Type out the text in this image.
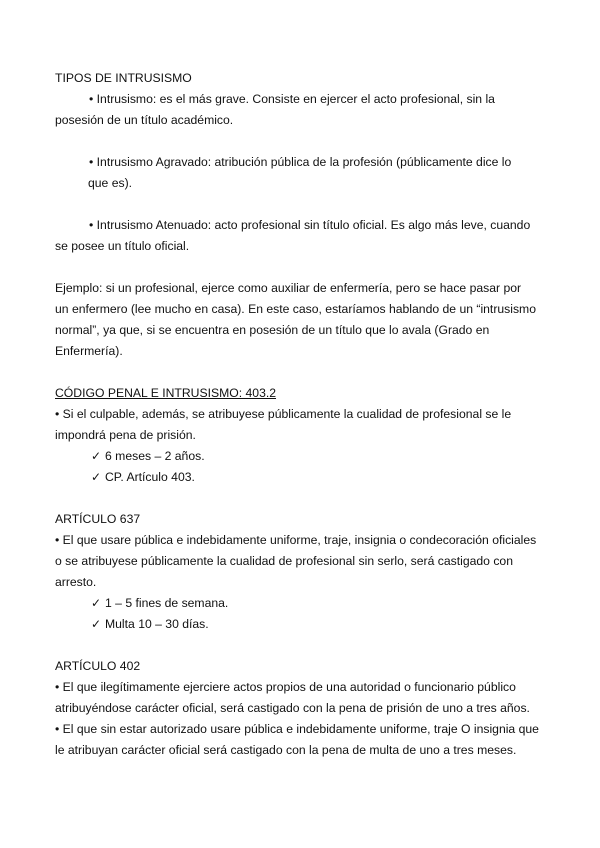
TIPOS DE INTRUSISMO

• Intrusismo: es el más grave. Consiste en ejercer el acto profesional, sin la

posesión de un título académico.

• Intrusismo Agravado: atribución pública de la profesión (públicamente dice lo

que es).

• Intrusismo Atenuado: acto profesional sin título oficial. Es algo más leve, cuando

se posee un título oficial.

Ejemplo: si un profesional, ejerce como auxiliar de enfermería, pero se hace pasar por

un enfermero (lee mucho en casa). En este caso, estaríamos hablando de un “intrusismo

normal”, ya que, si se encuentra en posesión de un título que lo avala (Grado en

Enfermería).

CÓDIGO PENAL E INTRUSISMO: 403.2

• Si el culpable, además, se atribuyese públicamente la cualidad de profesional se le

impondrá pena de prisión.

✓ 6 meses – 2 años.

✓ CP. Artículo 403.

ARTÍCULO 637

• El que usare pública e indebidamente uniforme, traje, insignia o condecoración oficiales

o se atribuyese públicamente la cualidad de profesional sin serlo, será castigado con

arresto.

✓ 1 – 5 fines de semana.

✓ Multa 10 – 30 días.

ARTÍCULO 402

• El que ilegítimamente ejerciere actos propios de una autoridad o funcionario público

atribuyéndose carácter oficial, será castigado con la pena de prisión de uno a tres años.

• El que sin estar autorizado usare pública e indebidamente uniforme, traje O insignia que

le atribuyan carácter oficial será castigado con la pena de multa de uno a tres meses.
